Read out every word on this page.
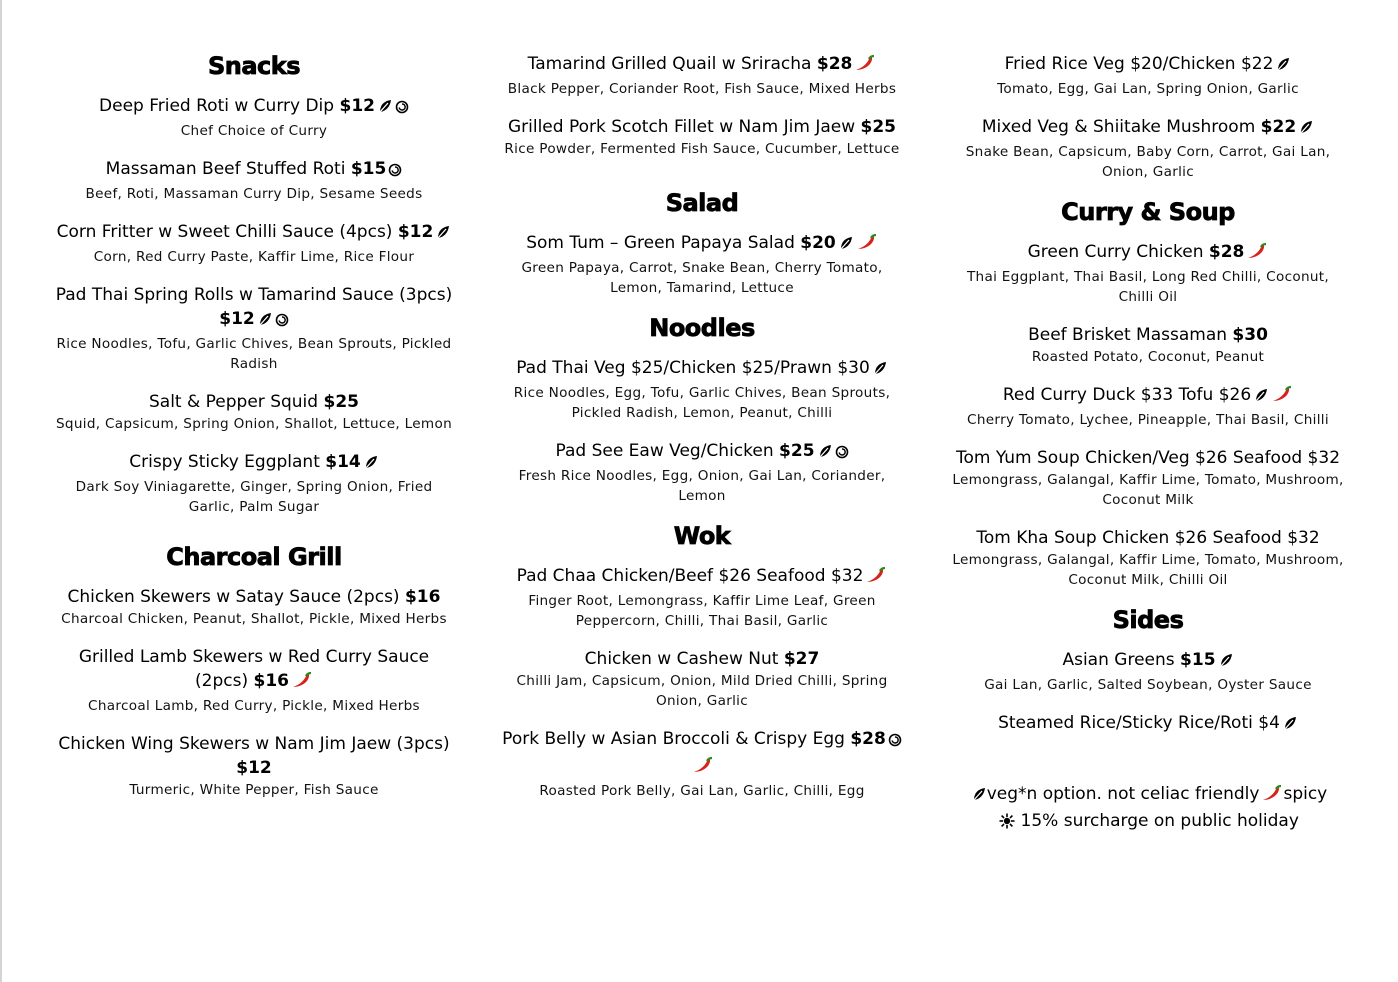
Snacks
Deep Fried Roti w Curry Dip $12
Chef Choice of Curry
Massaman Beef Stuffed Roti $15
Beef, Roti, Massaman Curry Dip, Sesame Seeds
Corn Fritter w Sweet Chilli Sauce (4pcs) $12
Corn, Red Curry Paste, Kaffir Lime, Rice Flour
Pad Thai Spring Rolls w Tamarind Sauce (3pcs) $12
Rice Noodles, Tofu, Garlic Chives, Bean Sprouts, Pickled Radish
Salt & Pepper Squid $25
Squid, Capsicum, Spring Onion, Shallot, Lettuce, Lemon
Crispy Sticky Eggplant $14
Dark Soy Viniagarette, Ginger, Spring Onion, Fried Garlic, Palm Sugar
Charcoal Grill
Chicken Skewers w Satay Sauce (2pcs) $16
Charcoal Chicken, Peanut, Shallot, Pickle, Mixed Herbs
Grilled Lamb Skewers w Red Curry Sauce (2pcs) $16
Charcoal Lamb, Red Curry, Pickle, Mixed Herbs
Chicken Wing Skewers w Nam Jim Jaew (3pcs) $12
Turmeric, White Pepper, Fish Sauce
Tamarind Grilled Quail w Sriracha $28
Black Pepper, Coriander Root, Fish Sauce, Mixed Herbs
Grilled Pork Scotch Fillet w Nam Jim Jaew $25
Rice Powder, Fermented Fish Sauce, Cucumber, Lettuce
Salad
Som Tum – Green Papaya Salad $20
Green Papaya, Carrot, Snake Bean, Cherry Tomato, Lemon, Tamarind, Lettuce
Noodles
Pad Thai Veg $25/Chicken $25/Prawn $30
Rice Noodles, Egg, Tofu, Garlic Chives, Bean Sprouts, Pickled Radish, Lemon, Peanut, Chilli
Pad See Eaw Veg/Chicken $25
Fresh Rice Noodles, Egg, Onion, Gai Lan, Coriander, Lemon
Wok
Pad Chaa Chicken/Beef $26 Seafood $32
Finger Root, Lemongrass, Kaffir Lime Leaf, Green Peppercorn, Chilli, Thai Basil, Garlic
Chicken w Cashew Nut $27
Chilli Jam, Capsicum, Onion, Mild Dried Chilli, Spring Onion, Garlic
Pork Belly w Asian Broccoli & Crispy Egg $28
Roasted Pork Belly, Gai Lan, Garlic, Chilli, Egg
Fried Rice Veg $20/Chicken $22
Tomato, Egg, Gai Lan, Spring Onion, Garlic
Mixed Veg & Shiitake Mushroom $22
Snake Bean, Capsicum, Baby Corn, Carrot, Gai Lan, Onion, Garlic
Curry & Soup
Green Curry Chicken $28
Thai Eggplant, Thai Basil, Long Red Chilli, Coconut, Chilli Oil
Beef Brisket Massaman $30
Roasted Potato, Coconut, Peanut
Red Curry Duck $33 Tofu $26
Cherry Tomato, Lychee, Pineapple, Thai Basil, Chilli
Tom Yum Soup Chicken/Veg $26 Seafood $32
Lemongrass, Galangal, Kaffir Lime, Tomato, Mushroom, Coconut Milk
Tom Kha Soup Chicken $26 Seafood $32
Lemongrass, Galangal, Kaffir Lime, Tomato, Mushroom, Coconut Milk, Chilli Oil
Sides
Asian Greens $15
Gai Lan, Garlic, Salted Soybean, Oyster Sauce
Steamed Rice/Sticky Rice/Roti $4
veg*n option. not celiac friendly spicy
15% surcharge on public holiday
